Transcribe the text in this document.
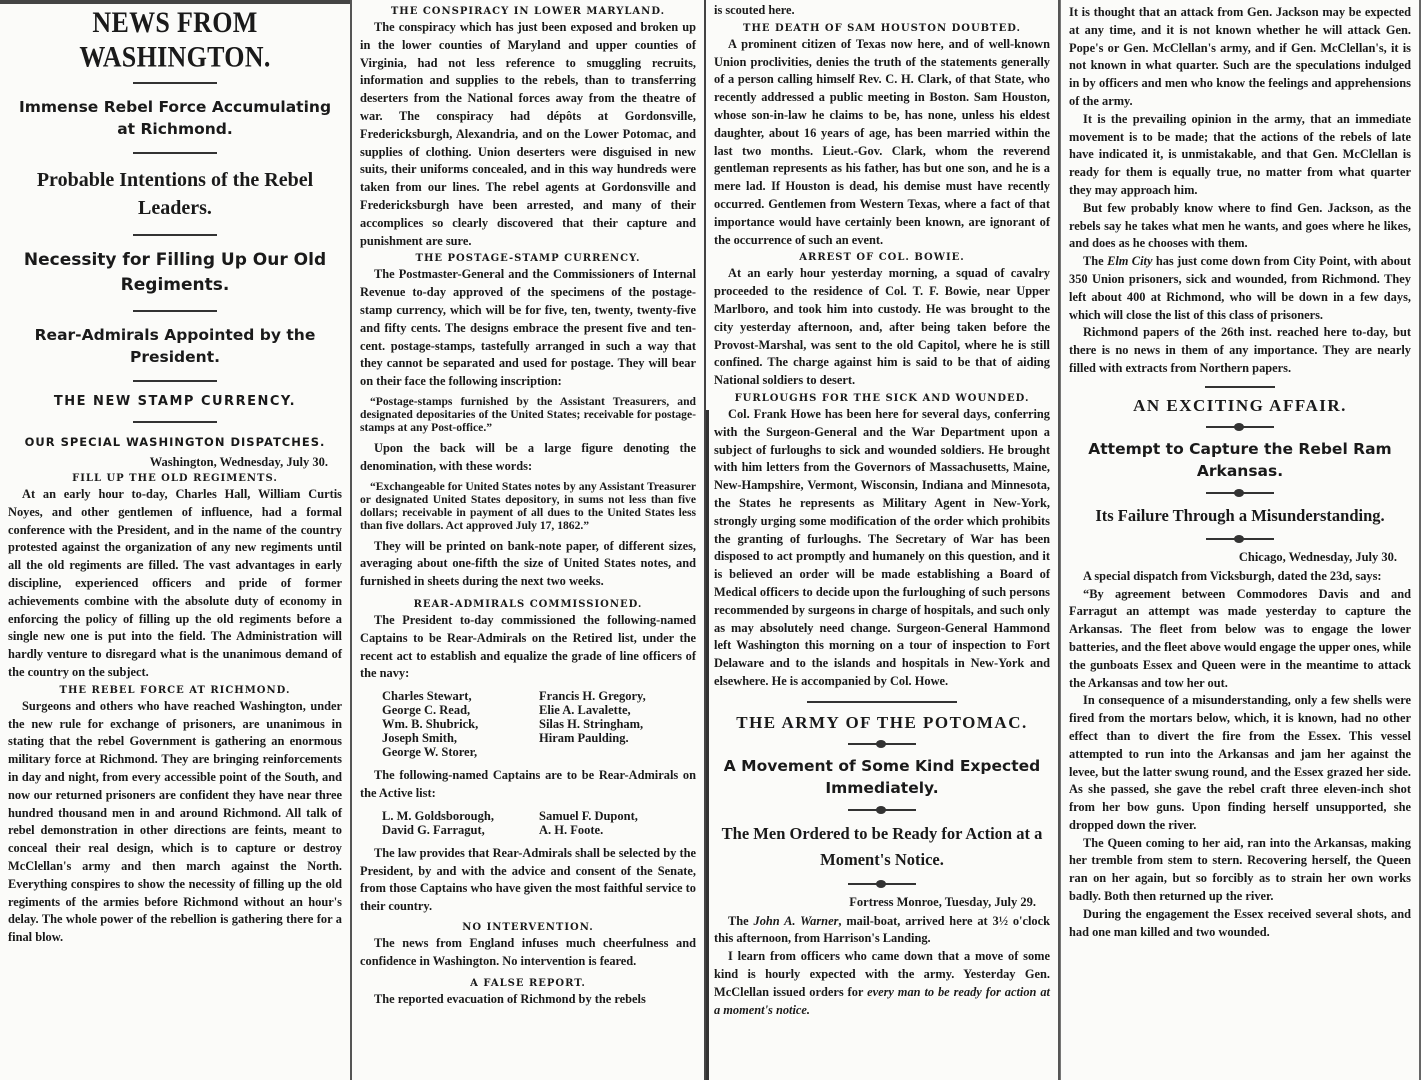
NEWS FROM WASHINGTON.
Immense Rebel Force Accumulating at Richmond.
Probable Intentions of the Rebel Leaders.
Necessity for Filling Up Our Old Regiments.
Rear-Admirals Appointed by the President.
THE NEW STAMP CURRENCY.
OUR SPECIAL WASHINGTON DISPATCHES.
Washington, Wednesday, July 30.
FILL UP THE OLD REGIMENTS.

At an early hour to-day, Charles Hall, William Curtis Noyes, and other gentlemen of influence, had a formal conference with the President, and in the name of the country protested against the organization of any new regiments until all the old regiments are filled. The vast advantages in early discipline, experienced officers and pride of former achievements combine with the absolute duty of economy in enforcing the policy of filling up the old regiments before a single new one is put into the field. The Administration will hardly venture to disregard what is the unanimous demand of the country on the subject.

THE REBEL FORCE AT RICHMOND.

Surgeons and others who have reached Washington, under the new rule for exchange of prisoners, are unanimous in stating that the rebel Government is gathering an enormous military force at Richmond. They are bringing reinforcements in day and night, from every accessible point of the South, and now our returned prisoners are confident they have near three hundred thousand men in and around Richmond. All talk of rebel demonstration in other directions are feints, meant to conceal their real design, which is to capture or destroy McClellan's army and then march against the North. Everything conspires to show the necessity of filling up the old regiments of the armies before Richmond without an hour's delay. The whole power of the rebellion is gathering there for a final blow.

THE CONSPIRACY IN LOWER MARYLAND.

The conspiracy which has just been exposed and broken up in the lower counties of Maryland and upper counties of Virginia, had not less reference to smuggling recruits, information and supplies to the rebels, than to transferring deserters from the National forces away from the theatre of war. The conspiracy had dépôts at Gordonsville, Fredericksburgh, Alexandria, and on the Lower Potomac, and supplies of clothing. Union deserters were disguised in new suits, their uniforms concealed, and in this way hundreds were taken from our lines. The rebel agents at Gordonsville and Fredericksburgh have been arrested, and many of their accomplices so clearly discovered that their capture and punishment are sure.

THE POSTAGE-STAMP CURRENCY.

The Postmaster-General and the Commissioners of Internal Revenue to-day approved of the specimens of the postage-stamp currency, which will be for five, ten, twenty, twenty-five and fifty cents. The designs embrace the present five and ten-cent. postage-stamps, tastefully arranged in such a way that they cannot be separated and used for postage. They will bear on their face the following inscription:

“Postage-stamps furnished by the Assistant Treasurers, and designated depositaries of the United States; receivable for postage-stamps at any Post-office.”

Upon the back will be a large figure denoting the denomination, with these words:

“Exchangeable for United States notes by any Assistant Treasurer or designated United States depository, in sums not less than five dollars; receivable in payment of all dues to the United States less than five dollars. Act approved July 17, 1862.”

They will be printed on bank-note paper, of different sizes, averaging about one-fifth the size of United States notes, and furnished in sheets during the next two weeks.

REAR-ADMIRALS COMMISSIONED.

The President to-day commissioned the following-named Captains to be Rear-Admirals on the Retired list, under the recent act to establish and equalize the grade of line officers of the navy:

Charles Stewart,	Francis H. Gregory,
George C. Read,	Elie A. Lavalette,
Wm. B. Shubrick,	Silas H. Stringham,
Joseph Smith,	Hiram Paulding.
George W. Storer,

The following-named Captains are to be Rear-Admirals on the Active list:

L. M. Goldsborough,	Samuel F. Dupont,
David G. Farragut,	A. H. Foote.

The law provides that Rear-Admirals shall be selected by the President, by and with the advice and consent of the Senate, from those Captains who have given the most faithful service to their country.

NO INTERVENTION.

The news from England infuses much cheerfulness and confidence in Washington. No intervention is feared.

A FALSE REPORT.

The reported evacuation of Richmond by the rebels

is scouted here.

THE DEATH OF SAM HOUSTON DOUBTED.

A prominent citizen of Texas now here, and of well-known Union proclivities, denies the truth of the statements generally of a person calling himself Rev. C. H. Clark, of that State, who recently addressed a public meeting in Boston. Sam Houston, whose son-in-law he claims to be, has none, unless his eldest daughter, about 16 years of age, has been married within the last two months. Lieut.-Gov. Clark, whom the reverend gentleman represents as his father, has but one son, and he is a mere lad. If Houston is dead, his demise must have recently occurred. Gentlemen from Western Texas, where a fact of that importance would have certainly been known, are ignorant of the occurrence of such an event.

ARREST OF COL. BOWIE.

At an early hour yesterday morning, a squad of cavalry proceeded to the residence of Col. T. F. Bowie, near Upper Marlboro, and took him into custody. He was brought to the city yesterday afternoon, and, after being taken before the Provost-Marshal, was sent to the old Capitol, where he is still confined. The charge against him is said to be that of aiding National soldiers to desert.

FURLOUGHS FOR THE SICK AND WOUNDED.

Col. Frank Howe has been here for several days, conferring with the Surgeon-General and the War Department upon a subject of furloughs to sick and wounded soldiers. He brought with him letters from the Governors of Massachusetts, Maine, New-Hampshire, Vermont, Wisconsin, Indiana and Minnesota, the States he represents as Military Agent in New-York, strongly urging some modification of the order which prohibits the granting of furloughs. The Secretary of War has been disposed to act promptly and humanely on this question, and it is believed an order will be made establishing a Board of Medical officers to decide upon the furloughing of such persons recommended by surgeons in charge of hospitals, and such only as may absolutely need change. Surgeon-General Hammond left Washington this morning on a tour of inspection to Fort Delaware and to the islands and hospitals in New-York and elsewhere. He is accompanied by Col. Howe.

THE ARMY OF THE POTOMAC.
A Movement of Some Kind Expected Immediately.
The Men Ordered to be Ready for Action at a Moment's Notice.
Fortress Monroe, Tuesday, July 29.

The John A. Warner, mail-boat, arrived here at 3½ o'clock this afternoon, from Harrison's Landing.

I learn from officers who came down that a move of some kind is hourly expected with the army. Yesterday Gen. McClellan issued orders for every man to be ready for action at a moment's notice.

It is thought that an attack from Gen. Jackson may be expected at any time, and it is not known whether he will attack Gen. Pope's or Gen. McClellan's army, and if Gen. McClellan's, it is not known in what quarter. Such are the speculations indulged in by officers and men who know the feelings and apprehensions of the army.

It is the prevailing opinion in the army, that an immediate movement is to be made; that the actions of the rebels of late have indicated it, is unmistakable, and that Gen. McClellan is ready for them is equally true, no matter from what quarter they may approach him.

But few probably know where to find Gen. Jackson, as the rebels say he takes what men he wants, and goes where he likes, and does as he chooses with them.

The Elm City has just come down from City Point, with about 350 Union prisoners, sick and wounded, from Richmond. They left about 400 at Richmond, who will be down in a few days, which will close the list of this class of prisoners.

Richmond papers of the 26th inst. reached here to-day, but there is no news in them of any importance. They are nearly filled with extracts from Northern papers.

AN EXCITING AFFAIR.
Attempt to Capture the Rebel Ram Arkansas.
Its Failure Through a Misunderstanding.
Chicago, Wednesday, July 30.

A special dispatch from Vicksburgh, dated the 23d, says:

“By agreement between Commodores Davis and and Farragut an attempt was made yesterday to capture the Arkansas. The fleet from below was to engage the lower batteries, and the fleet above would engage the upper ones, while the gunboats Essex and Queen were in the meantime to attack the Arkansas and tow her out.

In consequence of a misunderstanding, only a few shells were fired from the mortars below, which, it is known, had no other effect than to divert the fire from the Essex. This vessel attempted to run into the Arkansas and jam her against the levee, but the latter swung round, and the Essex grazed her side. As she passed, she gave the rebel craft three eleven-inch shot from her bow guns. Upon finding herself unsupported, she dropped down the river.

The Queen coming to her aid, ran into the Arkansas, making her tremble from stem to stern. Recovering herself, the Queen ran on her again, but so forcibly as to strain her own works badly. Both then returned up the river.

During the engagement the Essex received several shots, and had one man killed and two wounded.
